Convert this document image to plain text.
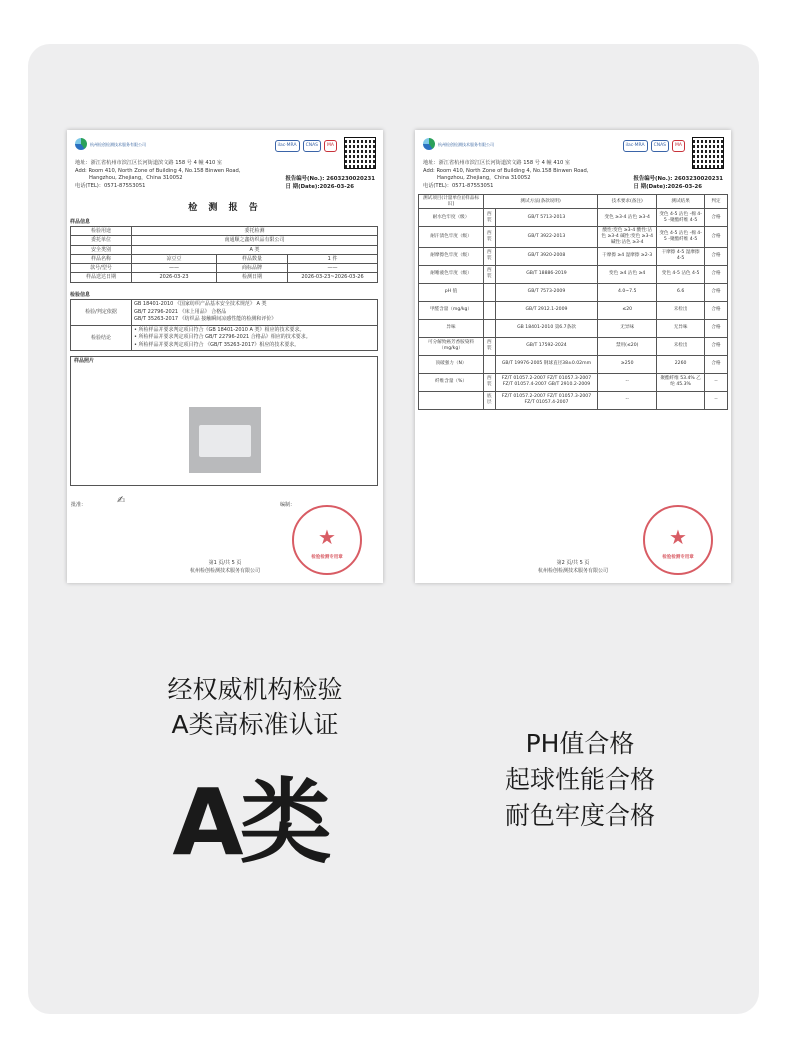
杭州检创检测技术服务有限公司	ilac·MRA	CNAS	MA
地址：浙江省杭州市滨江区长河街道滨文路 158 号 4 幢 410 室
Add: Room 410, North Zone of Building 4, No.158 Binwen Road,
Hangzhou, Zhejiang，China 310052
电话(TEL)：0571-87553051
报告编号(No.): 2603230020231
日 期(Date):2026-03-26
检 测 报 告
样品信息
检验用途	委托检测		
委托单位	南通顺之鑫纺织品有限公司		
安全类别	A 类		
样品名称	凉豆豆	样品数量	1 件
款号/型号	——	商标品牌	——
样品送达日期	2026-03-23	检测日期	2026-03-23~2026-03-26
检验信息
检验/判定依据	GB 18401-2010 《国家纺织产品基本安全技术规范》 A 类
GB/T 22796-2021 《床上用品》 合格品
GB/T 35263-2017 《纺织品 接触瞬间凉感性能的检测和评价》

检验结论	• 所检样品并要求判定项目符合《GB 18401-2010 A 类》相应的技术要求。
• 所检样品并要求判定项目符合 GB/T 22796-2021 合格品》相应的技术要求。
• 所检样品并要求判定项目符合 《GB/T 35263-2017》相应的技术要求。
样品照片
批准：	✍	编制：
★
检验检测专用章
第1 页/共 5 页
杭州检创检测技术服务有限公司
杭州检创检测技术服务有限公司	ilac·MRA	CNAS	MA
地址：浙江省杭州市滨江区长河街道滨文路 158 号 4 幢 410 室
Add: Room 410, North Zone of Building 4, No.158 Binwen Road,
Hangzhou, Zhejiang，China 310052
电话(TEL)：0571-87553051
报告编号(No.): 2603230020231
日 期(Date):2026-03-26
测试项目(计量单位)[样品标识]	测试方法(条款说明)		技术要求(备注)	测试结果	判定
耐水色牢度（级）	西装	GB/T 5713-2013	变色 ≥3-4 沾色 ≥3-4	变色 4-5 沾色 -棉 4-5 -聚酯纤维 4-5	合格
耐汗渍色牢度（级）	西装	GB/T 3922-2013	酸性:变色 ≥3-4 酸性:沾色 ≥3-4 碱性:变色 ≥3-4 碱性:沾色 ≥3-4	变色 4-5 沾色 -棉 4-5 -聚酯纤维 4-5	合格
耐摩擦色牢度（级）	西装	GB/T 3920-2008	干摩擦 ≥4 湿摩擦 ≥2-3	干摩擦 4-5 湿摩擦 4-5	合格
耐唾液色牢度（级）	西装	GB/T 18886-2019	变色 ≥4 沾色 ≥4	变色 4-5 沾色 4-5	合格
pH 值		GB/T 7573-2009	4.0~7.5	6.6	合格
甲醛含量（mg/kg）		GB/T 2912.1-2009	≤20	未检出	合格
异味		GB 18401-2010 第6.7条款	无异味	无异味	合格
可分解致癌芳香胺染料（mg/kg）	西装	GB/T 17592-2024	禁用(≤20)	未检出	合格
顶破强力（N）		GB/T 19976-2005 钢球直径38±0.02mm	≥250	2260	合格
纤维含量（%）	西装	FZ/T 01057.2-2007 FZ/T 01057.3-2007 FZ/T 01057.4-2007 GB/T 2910.2-2009	--	聚酯纤维 53.4% 乙纶 45.3%	--
	底层	FZ/T 01057.2-2007 FZ/T 01057.3-2007 FZ/T 01057.4-2007	--		--
★
检验检测专用章
第2 页/共 5 页
杭州检创检测技术服务有限公司
经权威机构检验
A类高标准认证
A类
PH值合格
起球性能合格
耐色牢度合格
